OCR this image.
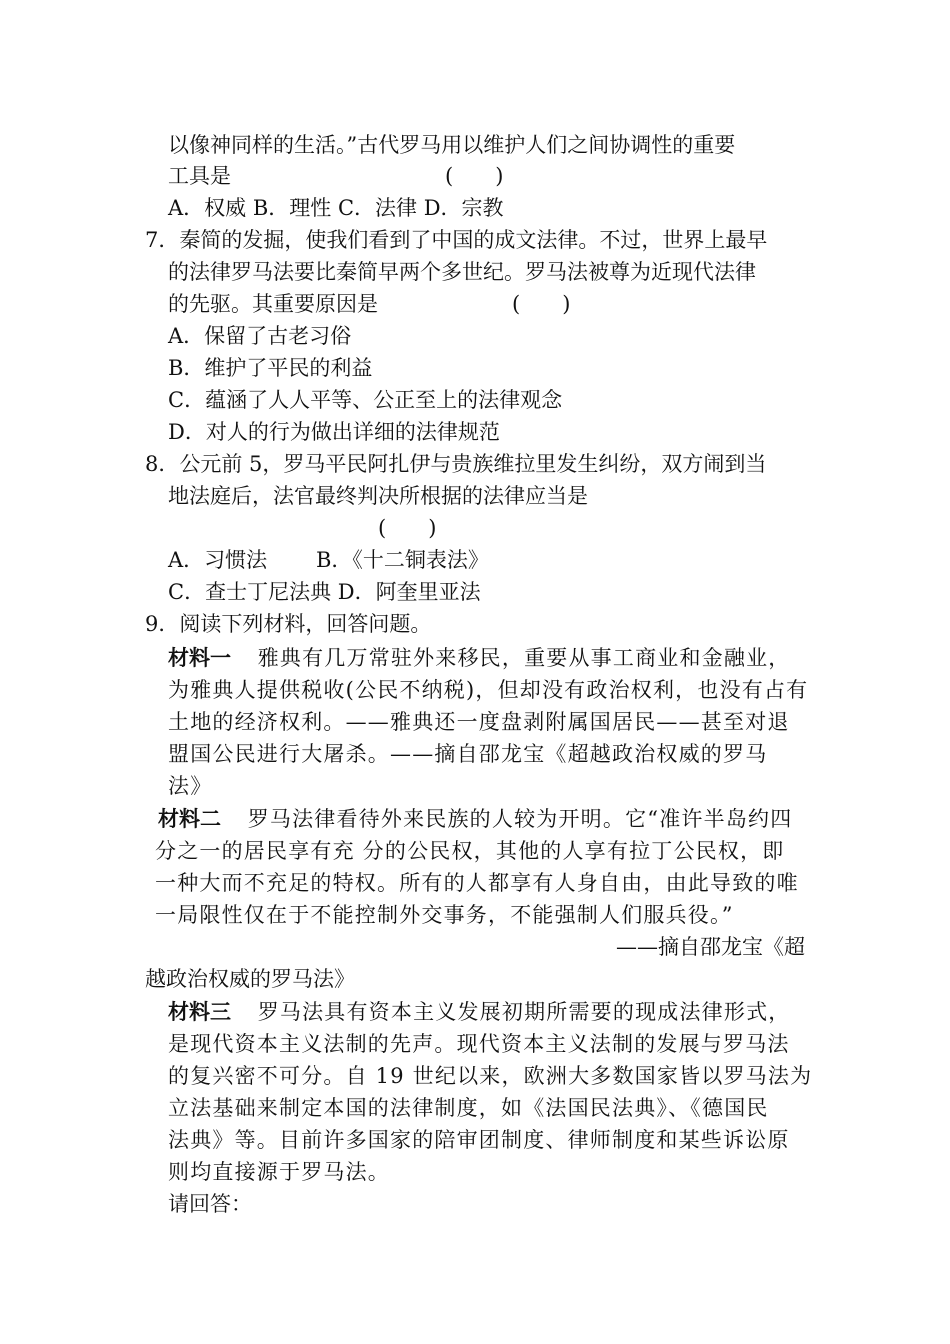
以像神同样的生活。”古代罗马用以维护人们之间协调性的重要
工具是	(　　)
A．权威 B．理性 C．法律 D．宗教
7．秦简的发掘，使我们看到了中国的成文法律。不过，世界上最早
的法律罗马法要比秦简早两个多世纪。罗马法被尊为近现代法律
的先驱。其重要原因是	(　　)
A．保留了古老习俗
B．维护了平民的利益
C．蕴涵了人人平等、公正至上的法律观念
D．对人的行为做出详细的法律规范
8．公元前 5，罗马平民阿扎伊与贵族维拉里发生纠纷，双方闹到当
地法庭后，法官最终判决所根据的法律应当是
(　　)
A．习惯法 B．《十二铜表法》
C．查士丁尼法典 D．阿奎里亚法
9．阅读下列材料，回答问题。
材料一 雅典有几万常驻外来移民，重要从事工商业和金融业，
为雅典人提供税收(公民不纳税)，但却没有政治权利，也没有占有
土地的经济权利。——雅典还一度盘剥附属国居民——甚至对退
盟国公民进行大屠杀。——摘自邵龙宝《超越政治权威的罗马
法》
材料二 罗马法律看待外来民族的人较为开明。它“准许半岛约四
分之一的居民享有充 分的公民权，其他的人享有拉丁公民权，即
一种大而不充足的特权。所有的人都享有人身自由，由此导致的唯
一局限性仅在于不能控制外交事务，不能强制人们服兵役。”
——摘自邵龙宝《超
越政治权威的罗马法》
材料三 罗马法具有资本主义发展初期所需要的现成法律形式，
是现代资本主义法制的先声。现代资本主义法制的发展与罗马法
的复兴密不可分。自 19 世纪以来，欧洲大多数国家皆以罗马法为
立法基础来制定本国的法律制度，如《法国民法典》、《德国民
法典》等。目前许多国家的陪审团制度、律师制度和某些诉讼原
则均直接源于罗马法。
请回答：
